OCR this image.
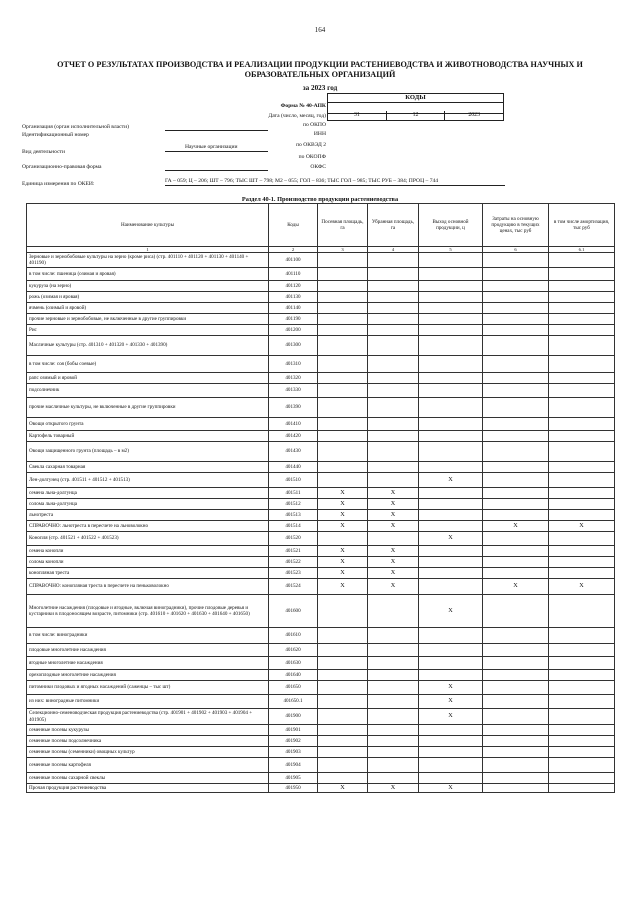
164
ОТЧЕТ О РЕЗУЛЬТАТАХ ПРОИЗВОДСТВА И РЕАЛИЗАЦИИ ПРОДУКЦИИ РАСТЕНИЕВОДСТВА И ЖИВОТНОВОДСТВА НАУЧНЫХ И ОБРАЗОВАТЕЛЬНЫХ ОРГАНИЗАЦИЙ
за 2023 год
КОДЫ
Форма № 40-АПК
Дата (число, месяц, год)	31	12	2023
Организация (орган исполнительной власти)	по ОКПО
Идентификационный номер	ИНН
Вид деятельности
Научные организации	по ОКВЭД 2
по ОКОПФ
Организационно-правовая форма	ОКФС
Единица измерения по ОКЕИ:	ГА – 059; Ц – 206; ШТ – 796; ТЫС ШТ – 798; М2 – 055; ГОЛ – 836; ТЫС ГОЛ – 985; ТЫС РУБ – 384; ПРОЦ – 744
Раздел 40-1. Производство продукции растениеводства
Наименование культуры	Коды	Посевная площадь, га	Убранная площадь, га	Выход основной продукции, ц	Затраты на основную продукцию в текущих ценах, тыс руб	в том числе амортизация, тыс руб
1	2	3	4	5	6	6.1
Зерновые и зернобобовые культуры на зерно (кроме риса) (стр. 401110 + 401120 + 401130 + 401140 + 401190)	401100					
в том числе: пшеница (озимая и яровая)	401110					
кукуруза (на зерно)	401120					
рожь (озимая и яровая)	401130					
ячмень (озимый и яровой)	401140					
прочие зерновые и зернобобовые, не включенные в другие группировки	401190					
Рис	401200					
Масличные культуры (стр. 401310 + 401320 + 401330 + 401390)	401300					
в том числе: соя (бобы соевые)	401310					
рапс озимый и яровой	401320					
подсолнечник	401330					
прочие масличные культуры, не включенные в другие группировки	401390					
Овощи открытого грунта	401410					
Картофель товарный	401420					
Овощи защищенного грунта (площадь – в м2)	401430					
Свекла сахарная товарная	401440					
Лен-долгунец (стр. 401511 + 401512 + 401513)	401510			X		
семена льна-долгунца	401511	X	X			
солома льна-долгунца	401512	X	X			
льнотреста	401513	X	X			
СПРАВОЧНО: льнотреста в пересчете на льноволокно	401514	X	X		X	X
Конопля (стр. 401521 + 401522 + 401523)	401520			X		
семена конопли	401521	X	X			
солома конопли	401522	X	X			
конопляная треста	401523	X	X			
СПРАВОЧНО: конопляная треста в пересчете на пеньковолокно	401524	X	X		X	X
Многолетние насаждения (плодовые и ягодные, включая виноградники), прочие плодовые деревья и кустарники в плодоносящем возрасте, питомники (стр. 401610 + 401620 + 401630 + 401640 + 401650)	401600			X		
в том числе: виноградники	401610					
плодовые многолетние насаждения	401620					
ягодные многолетние насаждения	401630					
орехоплодные многолетние насаждения	401640					
питомники плодовых и ягодных насаждений (саженцы – тыс шт)	401650			X		
из них: виноградные питомники	401650.1			X		
Селекционно-семеноводческая продукция растениеводства (стр. 401901 + 401902 + 401903 + 401904 + 401905)	401900			X		
семенные посевы кукурузы	401901					
семенные посевы подсолнечника	401902					
семенные посевы (семенники) овощных культур	401903					
семенные посевы картофеля	401904					
семенные посевы сахарной свеклы	401905					
Прочая продукция растениеводства	401950	X	X	X		
